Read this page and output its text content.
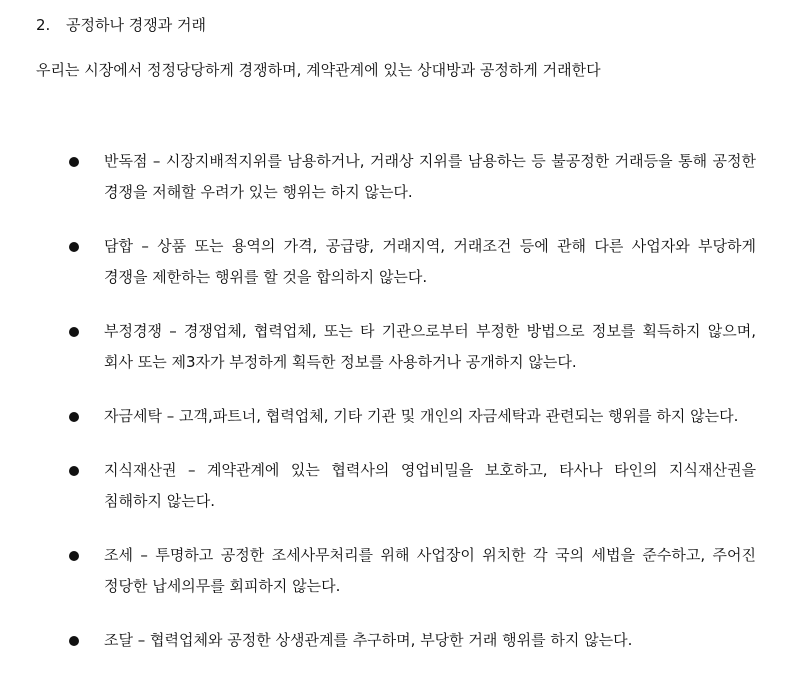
2. 공정하나 경쟁과 거래
우리는 시장에서 정정당당하게 경쟁하며, 계약관계에 있는 상대방과 공정하게 거래한다
반독점 – 시장지배적지위를 남용하거나, 거래상 지위를 남용하는 등 불공정한 거래등을 통해 공정한 경쟁을 저해할 우려가 있는 행위는 하지 않는다.
담합 – 상품 또는 용역의 가격, 공급량, 거래지역, 거래조건 등에 관해 다른 사업자와 부당하게 경쟁을 제한하는 행위를 할 것을 합의하지 않는다.
부정경쟁 – 경쟁업체, 협력업체, 또는 타 기관으로부터 부정한 방법으로 정보를 획득하지 않으며, 회사 또는 제3자가 부정하게 획득한 정보를 사용하거나 공개하지 않는다.
자금세탁 – 고객,파트너, 협력업체, 기타 기관 및 개인의 자금세탁과 관련되는 행위를 하지 않는다.
지식재산권 – 계약관계에 있는 협력사의 영업비밀을 보호하고, 타사나 타인의 지식재산권을 침해하지 않는다.
조세 – 투명하고 공정한 조세사무처리를 위해 사업장이 위치한 각 국의 세법을 준수하고, 주어진 정당한 납세의무를 회피하지 않는다.
조달 – 협력업체와 공정한 상생관계를 추구하며, 부당한 거래 행위를 하지 않는다.
